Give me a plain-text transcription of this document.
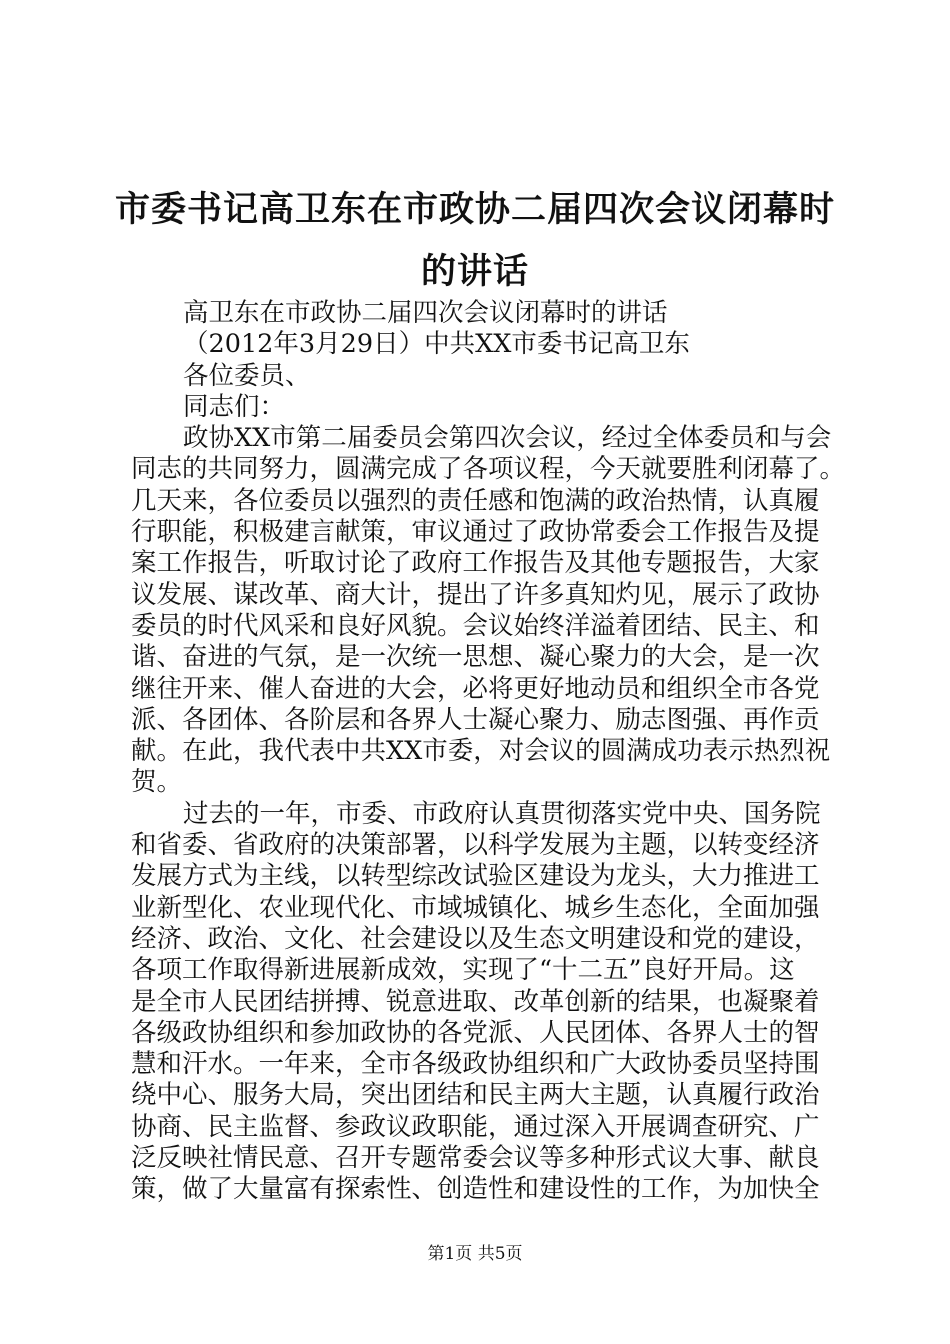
市委书记高卫东在市政协二届四次会议闭幕时
的讲话
高卫东在市政协二届四次会议闭幕时的讲话
（2012年3月29日）中共XX市委书记高卫东
各位委员、
同志们：
政协XX市第二届委员会第四次会议，经过全体委员和与会
同志的共同努力，圆满完成了各项议程，今天就要胜利闭幕了。
几天来，各位委员以强烈的责任感和饱满的政治热情，认真履
行职能，积极建言献策，审议通过了政协常委会工作报告及提
案工作报告，听取讨论了政府工作报告及其他专题报告，大家
议发展、谋改革、商大计，提出了许多真知灼见，展示了政协
委员的时代风采和良好风貌。会议始终洋溢着团结、民主、和
谐、奋进的气氛，是一次统一思想、凝心聚力的大会，是一次
继往开来、催人奋进的大会，必将更好地动员和组织全市各党
派、各团体、各阶层和各界人士凝心聚力、励志图强、再作贡
献。在此，我代表中共XX市委，对会议的圆满成功表示热烈祝
贺。
过去的一年，市委、市政府认真贯彻落实党中央、国务院
和省委、省政府的决策部署，以科学发展为主题，以转变经济
发展方式为主线，以转型综改试验区建设为龙头，大力推进工
业新型化、农业现代化、市域城镇化、城乡生态化，全面加强
经济、政治、文化、社会建设以及生态文明建设和党的建设，
各项工作取得新进展新成效，实现了“十二五”良好开局。这
是全市人民团结拼搏、锐意进取、改革创新的结果，也凝聚着
各级政协组织和参加政协的各党派、人民团体、各界人士的智
慧和汗水。一年来，全市各级政协组织和广大政协委员坚持围
绕中心、服务大局，突出团结和民主两大主题，认真履行政治
协商、民主监督、参政议政职能，通过深入开展调查研究、广
泛反映社情民意、召开专题常委会议等多种形式议大事、献良
策，做了大量富有探索性、创造性和建设性的工作，为加快全
第1页 共5页
